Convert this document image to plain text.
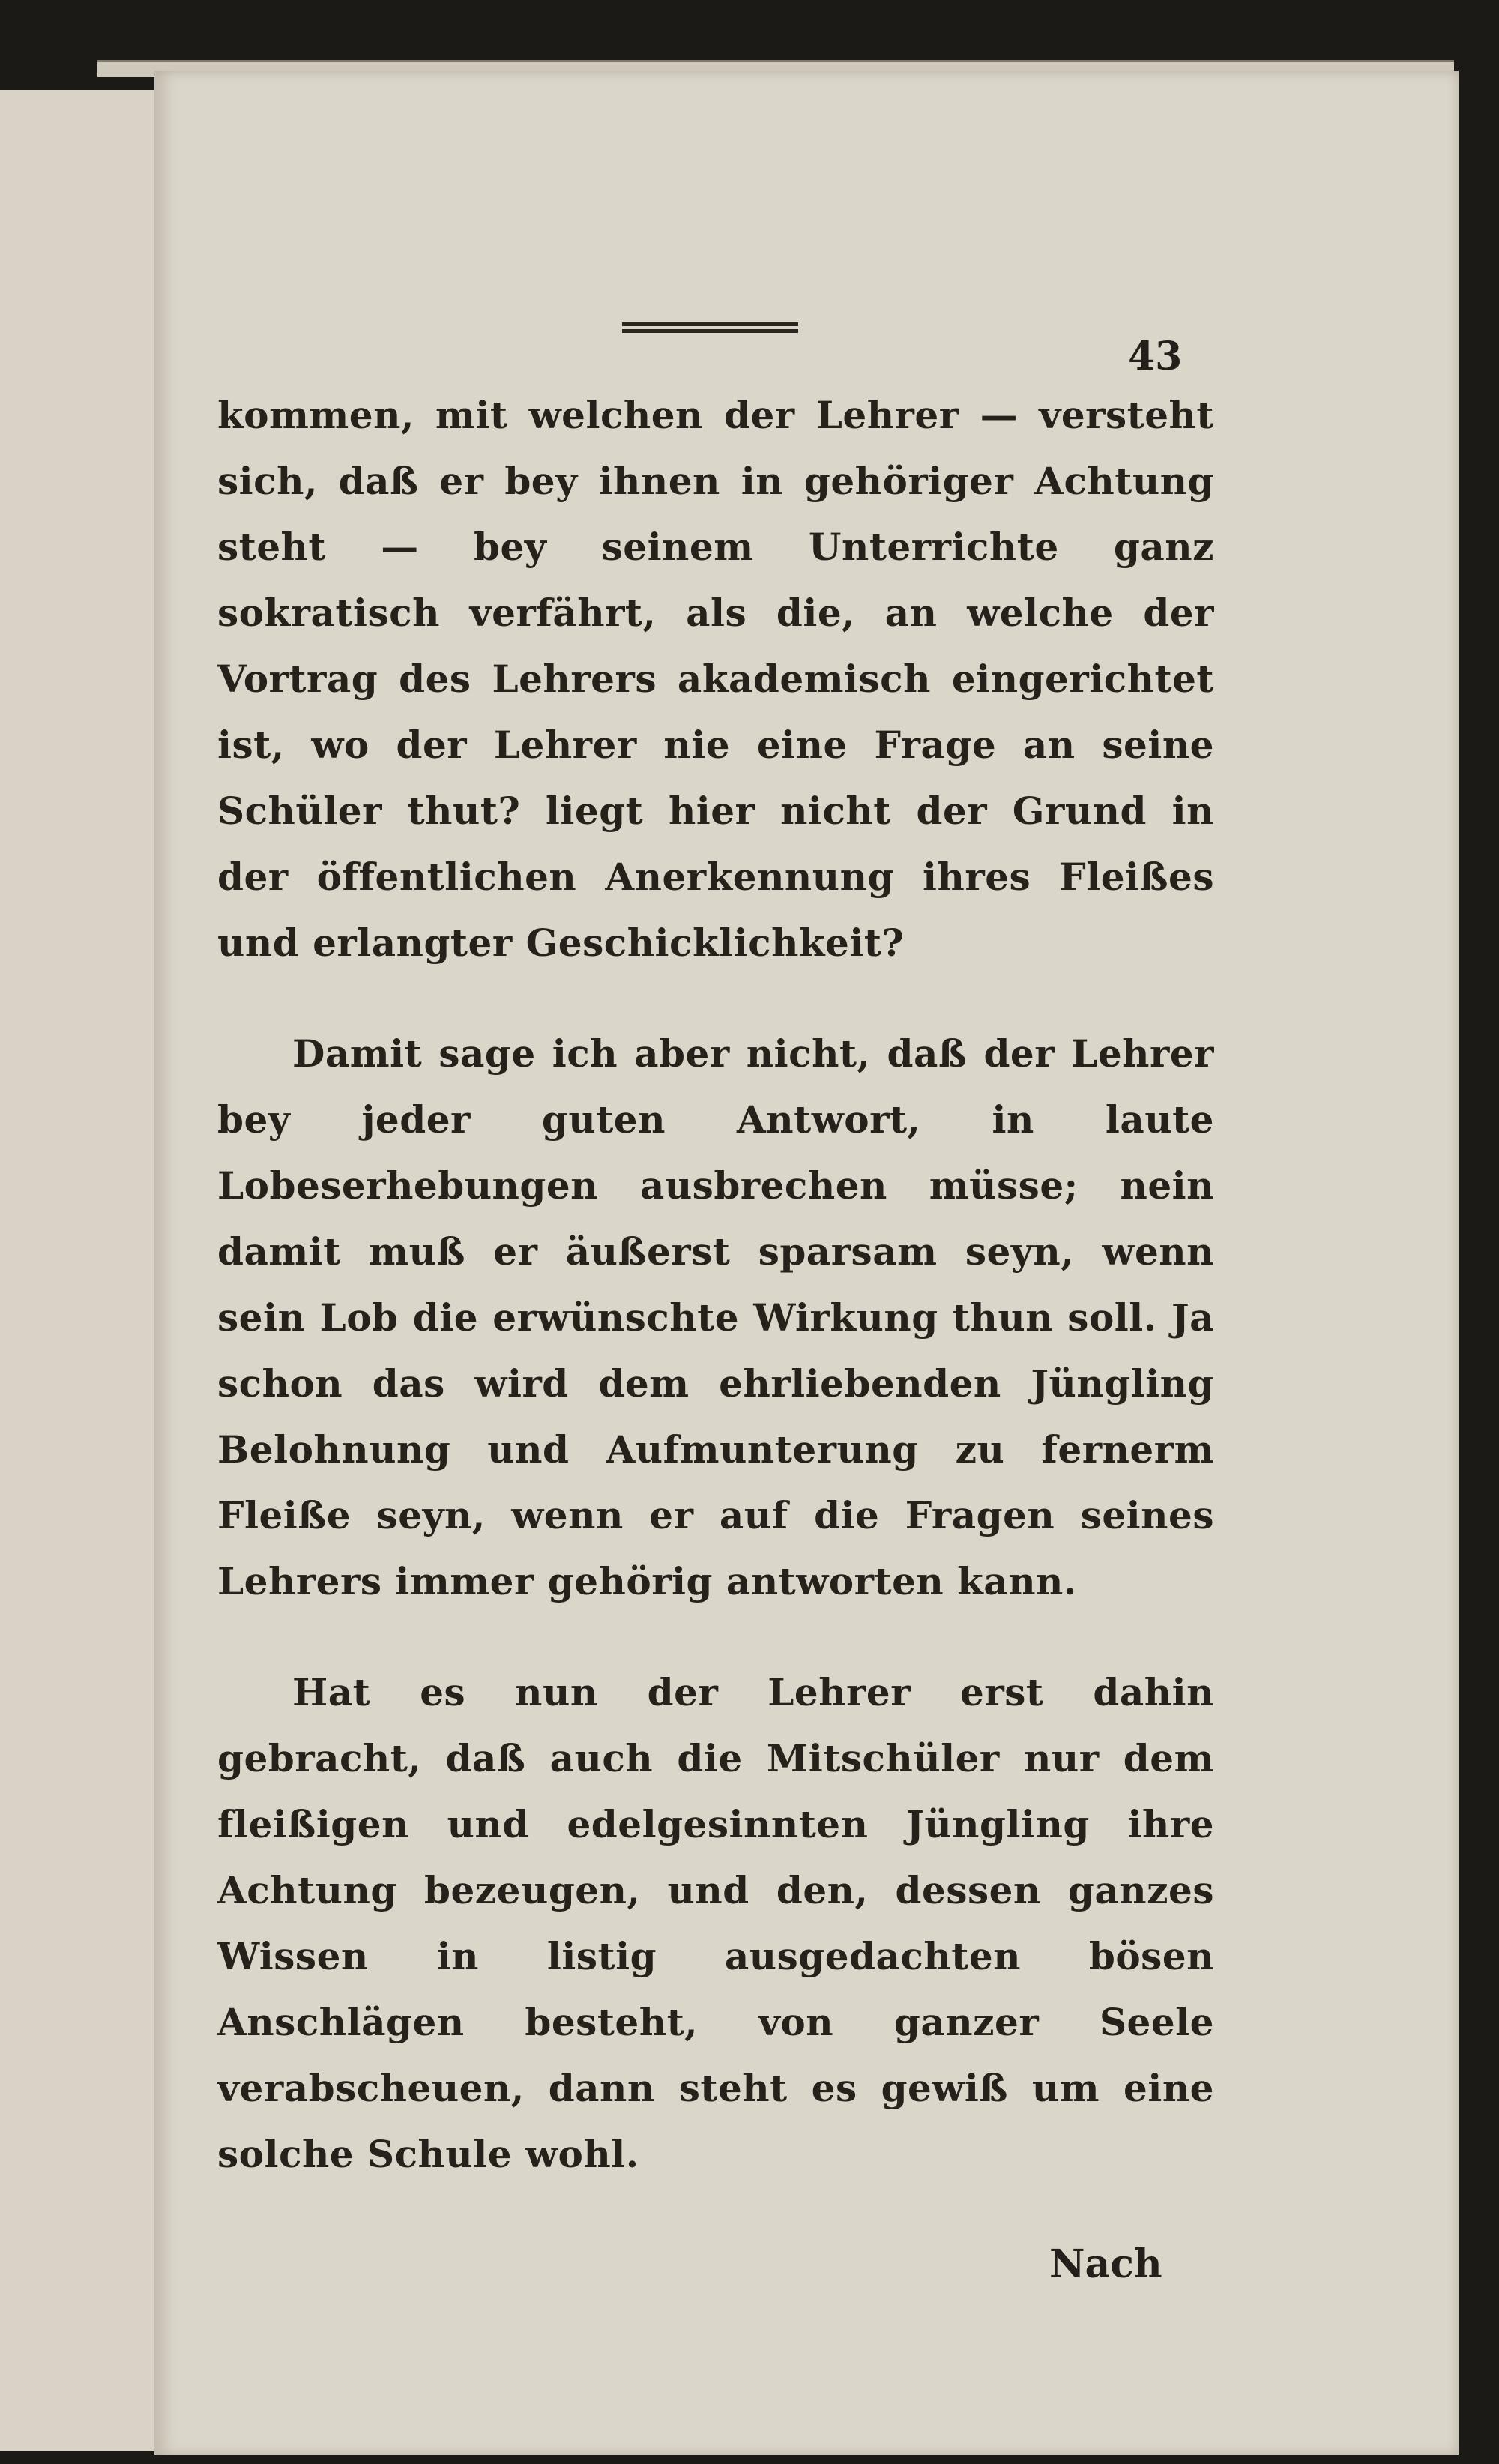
43

kommen, mit welchen der Lehrer — versteht sich, daß er bey ihnen in gehöriger Achtung steht — bey seinem Unterrichte ganz sokratisch verfährt, als die, an welche der Vortrag des Lehrers akademisch eingerichtet ist, wo der Lehrer nie eine Frage an seine Schüler thut? liegt hier nicht der Grund in der öffentlichen Anerkennung ihres Fleißes und erlangter Geschicklichkeit?

Damit sage ich aber nicht, daß der Lehrer bey jeder guten Antwort, in laute Lobeserhebungen ausbrechen müsse; nein damit muß er äußerst sparsam seyn, wenn sein Lob die erwünschte Wirkung thun soll. Ja schon das wird dem ehrliebenden Jüngling Belohnung und Aufmunterung zu fernerm Fleiße seyn, wenn er auf die Fragen seines Lehrers immer gehörig antworten kann.

Hat es nun der Lehrer erst dahin gebracht, daß auch die Mitschüler nur dem fleißigen und edelgesinnten Jüngling ihre Achtung bezeugen, und den, dessen ganzes Wissen in listig ausgedachten bösen Anschlägen besteht, von ganzer Seele verabscheuen, dann steht es gewiß um eine solche Schule wohl.

Nach
